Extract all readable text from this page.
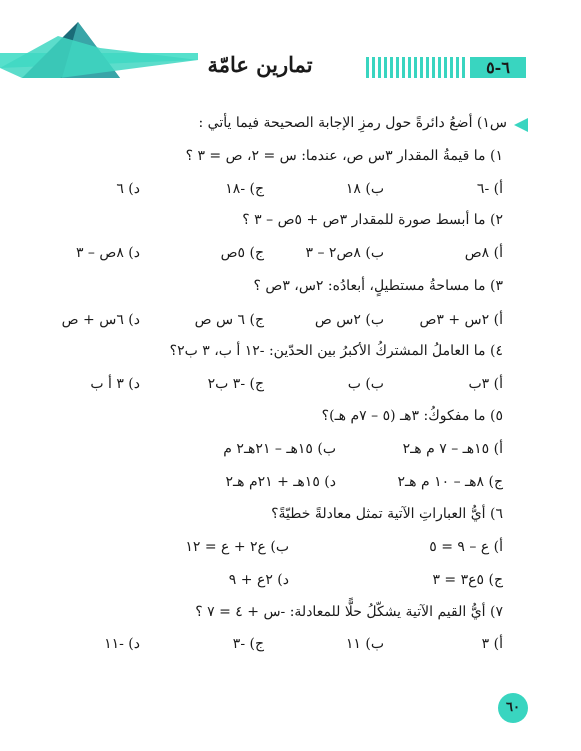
تمارين عامّة	٦-٥
س١) أضعُ دائرةً حول رمزِ الإجابة الصحيحة فيما يأتي :
١) ما قيمةُ المقدار ٣س ص، عندما: س = ٢، ص = ٣ ؟
أ) -٦
ب) ١٨
ج) -١٨
د) ٦
٢) ما أبسط صورة للمقدار ٣ص + ٥ص – ٣ ؟
أ) ٨ص
ب) ٨ص٢ – ٣
ج) ٥ص
د) ٨ص – ٣
٣) ما مساحةُ مستطيلٍ، أبعادُه: ٢س، ٣ص ؟
أ) ٢س + ٣ص
ب) ٢س ص
ج) ٦ س ص
د) ٦س + ص
٤) ما العاملُ المشتركُ الأكبرُ بين الحدّين: -١٢ أ ب، ٣ ب٢؟
أ) ٣ب
ب) ب
ج) -٣ ب٢
د) ٣ أ ب
٥) ما مفكوكُ: ٣هـ (٥ – ٧م هـ)؟
أ) ١٥هـ – ٧ م هـ٢
ب) ١٥هـ – ٢١هـ٢ م
ج) ٨هـ – ١٠ م هـ٢
د) ١٥هـ + ٢١م هـ٢
٦) أيُّ العباراتِ الآتية تمثل معادلةً خطيّةً؟
أ) ع – ٩ = ٥
ب) ع٢ + ع = ١٢
ج) ٥ع٣ = ٣
د) ٢ع + ٩
٧) أيُّ القيم الآتية يشكّلُ حلًّا للمعادلة: -س + ٤ = ٧ ؟
أ) ٣
ب) ١١
ج) -٣
د) -١١
٦٠
